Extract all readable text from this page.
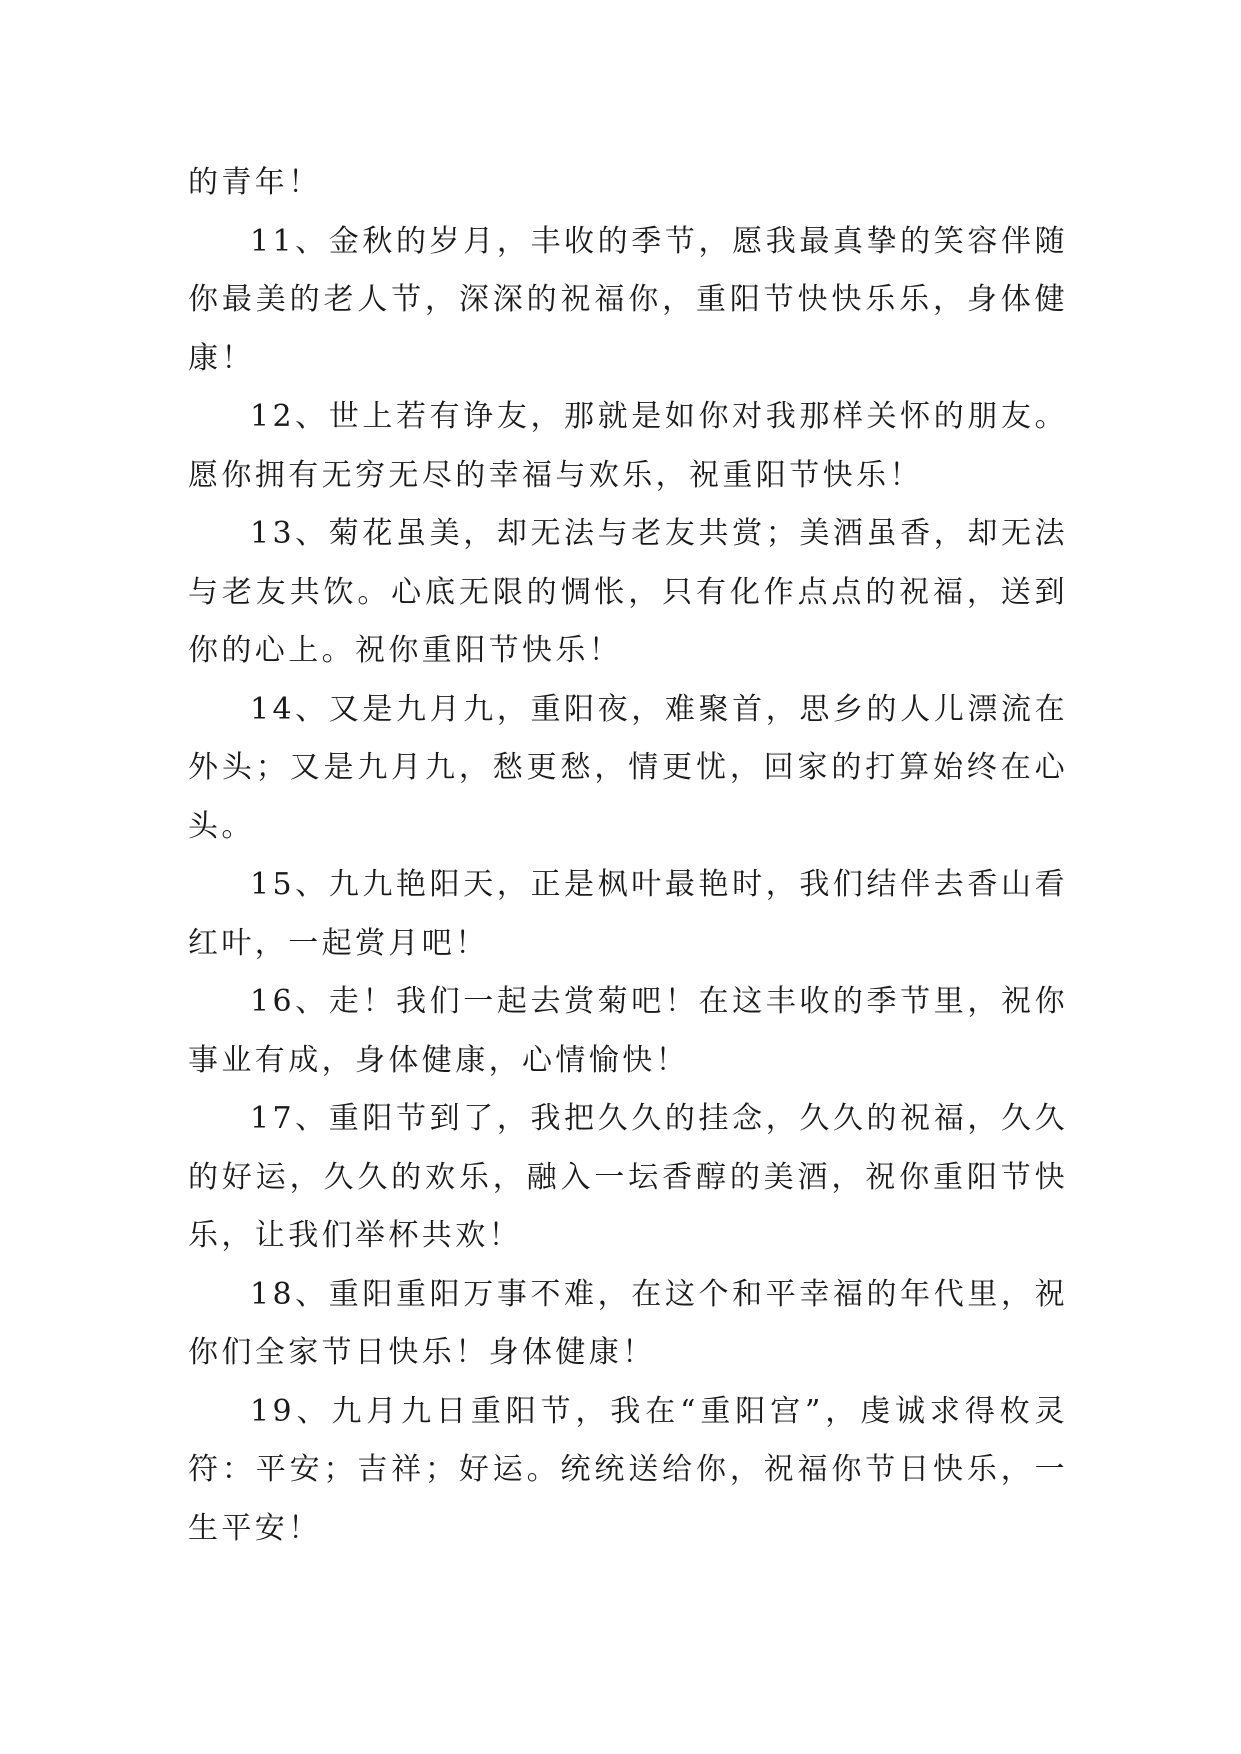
的青年！

11、金秋的岁月，丰收的季节，愿我最真挚的笑容伴随你最美的老人节，深深的祝福你，重阳节快快乐乐，身体健康！

12、世上若有诤友，那就是如你对我那样关怀的朋友。愿你拥有无穷无尽的幸福与欢乐，祝重阳节快乐！

13、菊花虽美，却无法与老友共赏；美酒虽香，却无法与老友共饮。心底无限的惆怅，只有化作点点的祝福，送到你的心上。祝你重阳节快乐！

14、又是九月九，重阳夜，难聚首，思乡的人儿漂流在外头；又是九月九，愁更愁，情更忧，回家的打算始终在心头。

15、九九艳阳天，正是枫叶最艳时，我们结伴去香山看红叶，一起赏月吧！

16、走！我们一起去赏菊吧！在这丰收的季节里，祝你事业有成，身体健康，心情愉快！

17、重阳节到了，我把久久的挂念，久久的祝福，久久的好运，久久的欢乐，融入一坛香醇的美酒，祝你重阳节快乐，让我们举杯共欢！

18、重阳重阳万事不难，在这个和平幸福的年代里，祝你们全家节日快乐！身体健康！

19、九月九日重阳节，我在“重阳宫”，虔诚求得枚灵符：平安；吉祥；好运。统统送给你，祝福你节日快乐，一生平安！
